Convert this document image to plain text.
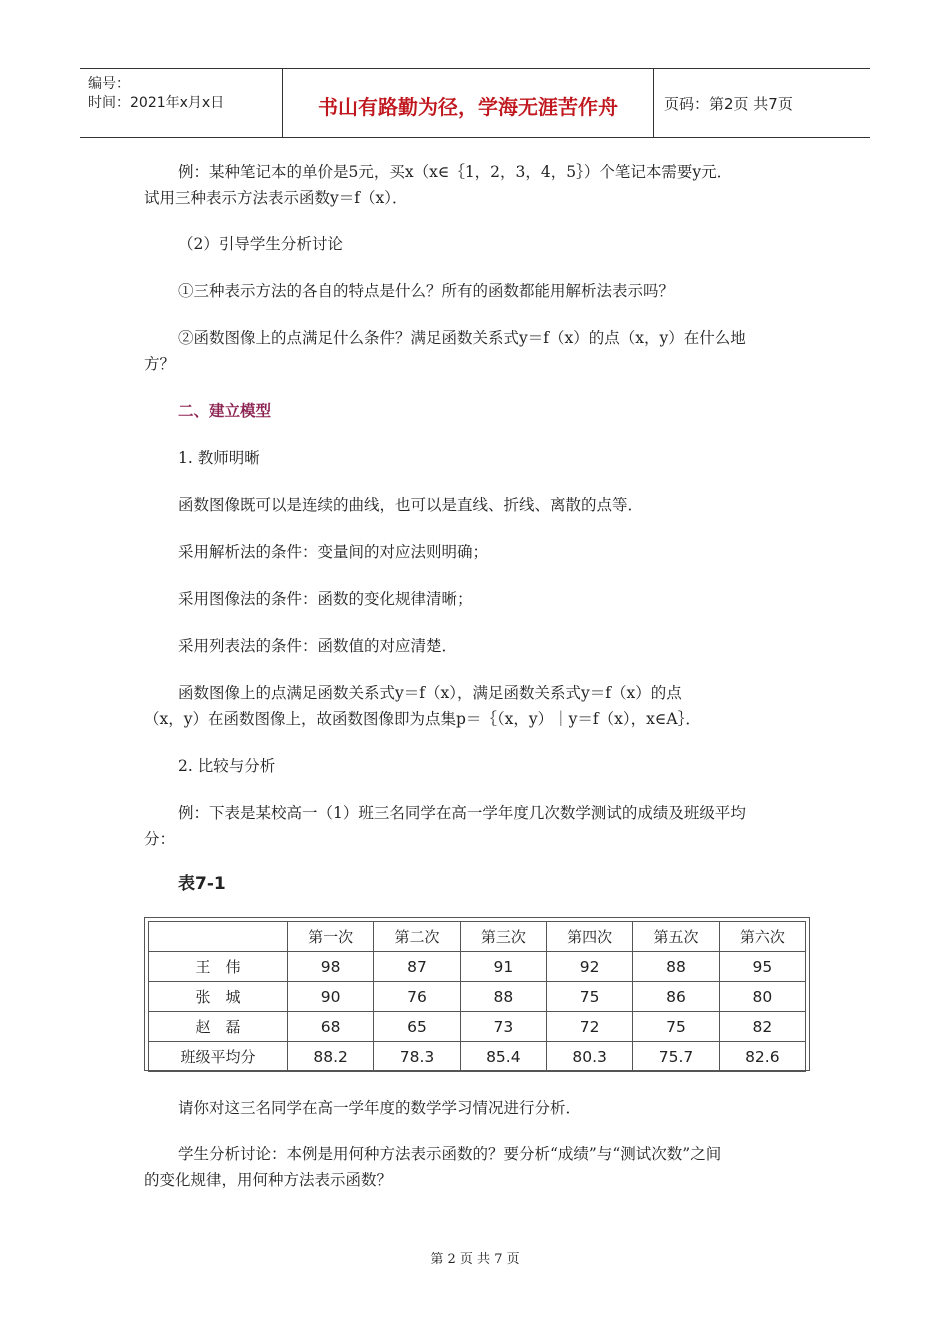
编号：
时间：2021年x月x日	书山有路勤为径，学海无涯苦作舟	页码：第2页 共7页
例：某种笔记本的单价是5元，买x（x∈｛1，2，3，4，5｝）个笔记本需要y元．
试用三种表示方法表示函数y＝f（x）．
（2）引导学生分析讨论
①三种表示方法的各自的特点是什么？所有的函数都能用解析法表示吗？
②函数图像上的点满足什么条件？满足函数关系式y＝f（x）的点（x，y）在什么地
方？
二、建立模型
1. 教师明晰
函数图像既可以是连续的曲线，也可以是直线、折线、离散的点等．
采用解析法的条件：变量间的对应法则明确；
采用图像法的条件：函数的变化规律清晰；
采用列表法的条件：函数值的对应清楚．
函数图像上的点满足函数关系式y＝f（x），满足函数关系式y＝f（x）的点
（x，y）在函数图像上，故函数图像即为点集p＝｛（x，y）｜y＝f（x），x∈A｝．
2. 比较与分析
例：下表是某校高一（1）班三名同学在高一学年度几次数学测试的成绩及班级平均
分：
表7-1
	第一次	第二次	第三次	第四次	第五次	第六次
王　伟	98	87	91	92	88	95
张　城	90	76	88	75	86	80
赵　磊	68	65	73	72	75	82
班级平均分	88.2	78.3	85.4	80.3	75.7	82.6
请你对这三名同学在高一学年度的数学学习情况进行分析．
学生分析讨论：本例是用何种方法表示函数的？要分析“成绩”与“测试次数”之间
的变化规律，用何种方法表示函数？
第 2 页 共 7 页
